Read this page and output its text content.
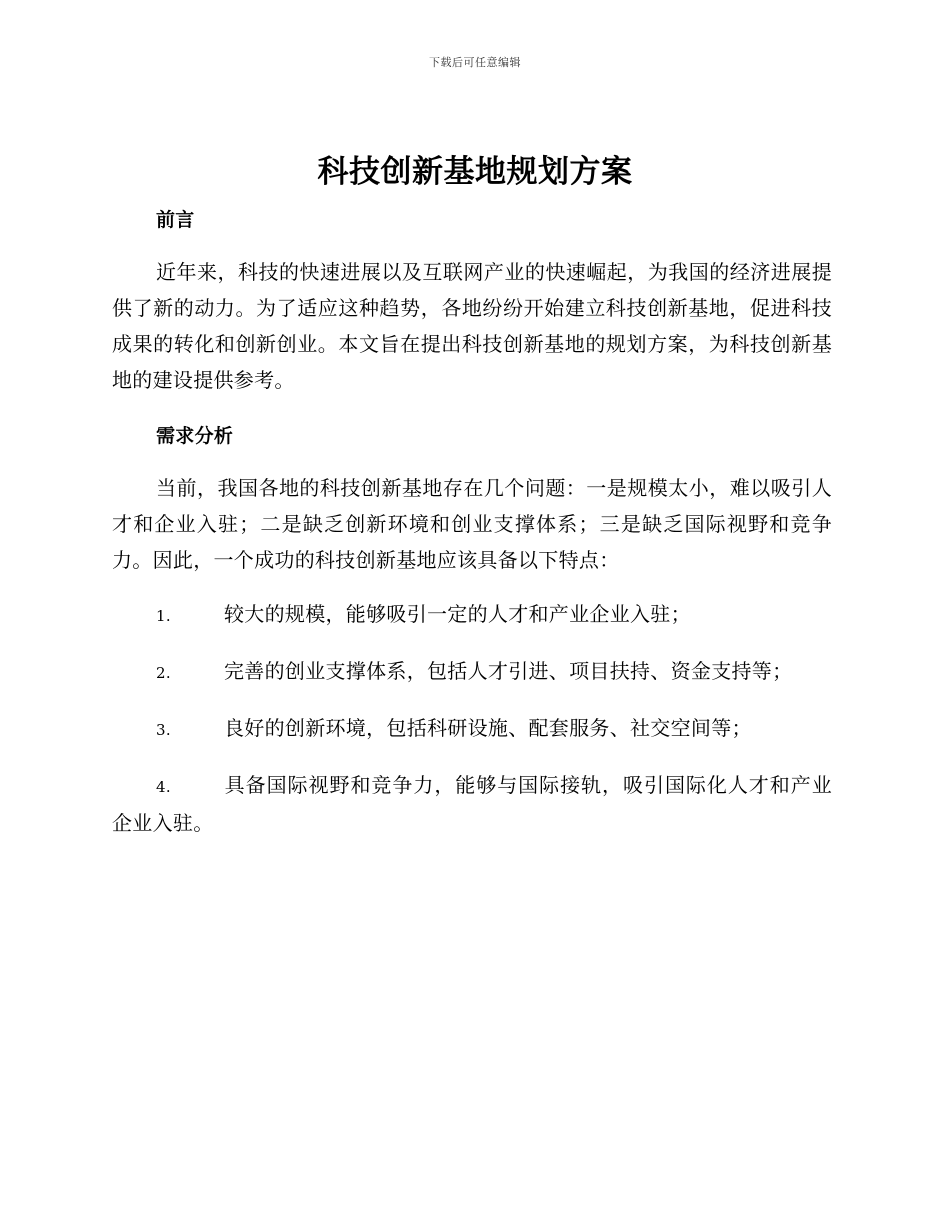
下载后可任意编辑
科技创新基地规划方案
前言

近年来，科技的快速进展以及互联网产业的快速崛起，为我国的经济进展提供了新的动力。为了适应这种趋势，各地纷纷开始建立科技创新基地，促进科技成果的转化和创新创业。本文旨在提出科技创新基地的规划方案，为科技创新基地的建设提供参考。

需求分析

当前，我国各地的科技创新基地存在几个问题：一是规模太小，难以吸引人才和企业入驻；二是缺乏创新环境和创业支撑体系；三是缺乏国际视野和竞争力。因此，一个成功的科技创新基地应该具备以下特点：

1.	较大的规模，能够吸引一定的人才和产业企业入驻；

2.	完善的创业支撑体系，包括人才引进、项目扶持、资金支持等；

3.	良好的创新环境，包括科研设施、配套服务、社交空间等；

4.	具备国际视野和竞争力，能够与国际接轨，吸引国际化人才和产业企业入驻。
